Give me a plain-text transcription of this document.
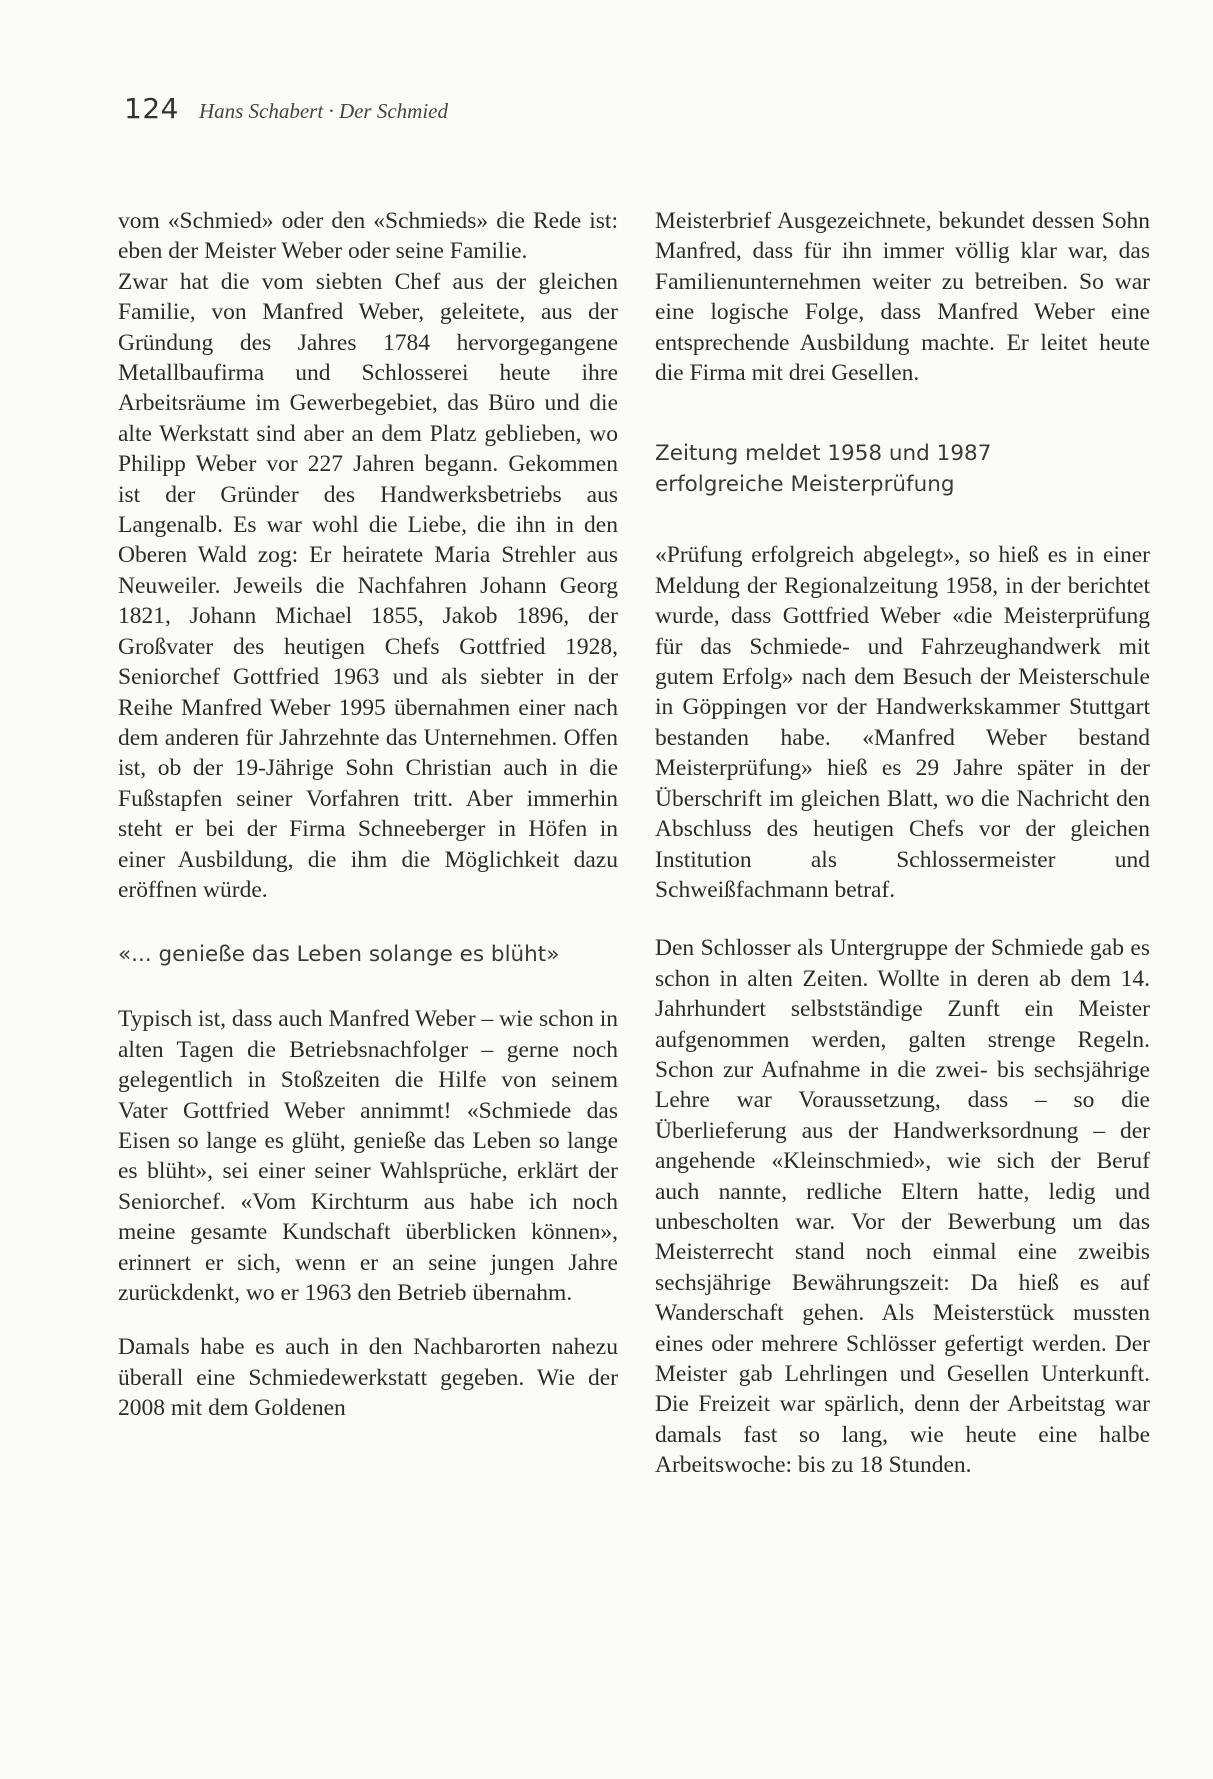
124 Hans Schabert · Der Schmied

vom «Schmied» oder den «Schmieds» die Rede ist: eben der Meister Weber oder seine Familie.

Zwar hat die vom siebten Chef aus der gleichen Familie, von Manfred Weber, geleitete, aus der Gründung des Jahres 1784 hervorgegangene Metallbaufirma und Schlosserei heute ihre Arbeitsräume im Gewerbegebiet, das Büro und die alte Werkstatt sind aber an dem Platz geblieben, wo Philipp Weber vor 227 Jahren begann. Gekommen ist der Gründer des Handwerksbetriebs aus Langenalb. Es war wohl die Liebe, die ihn in den Oberen Wald zog: Er heiratete Maria Strehler aus Neuweiler. Jeweils die Nachfahren Johann Georg 1821, Johann Michael 1855, Jakob 1896, der Großvater des heutigen Chefs Gottfried 1928, Seniorchef Gottfried 1963 und als siebter in der Reihe Manfred Weber 1995 übernahmen einer nach dem anderen für Jahrzehnte das Unternehmen. Offen ist, ob der 19-Jährige Sohn Christian auch in die Fußstapfen seiner Vorfahren tritt. Aber immerhin steht er bei der Firma Schneeberger in Höfen in einer Ausbildung, die ihm die Möglichkeit dazu eröffnen würde.

«... genieße das Leben solange es blüht»

Typisch ist, dass auch Manfred Weber – wie schon in alten Tagen die Betriebsnachfolger – gerne noch gelegentlich in Stoßzeiten die Hilfe von seinem Vater Gottfried Weber annimmt! «Schmiede das Eisen so lange es glüht, genieße das Leben so lange es blüht», sei einer seiner Wahlsprüche, erklärt der Seniorchef. «Vom Kirchturm aus habe ich noch meine gesamte Kundschaft überblicken können», erinnert er sich, wenn er an seine jungen Jahre zurückdenkt, wo er 1963 den Betrieb übernahm.

Damals habe es auch in den Nachbarorten nahezu überall eine Schmiedewerkstatt gegeben. Wie der 2008 mit dem Goldenen

Meisterbrief Ausgezeichnete, bekundet dessen Sohn Manfred, dass für ihn immer völlig klar war, das Familienunternehmen weiter zu betreiben. So war eine logische Folge, dass Manfred Weber eine entsprechende Ausbildung machte. Er leitet heute die Firma mit drei Gesellen.

Zeitung meldet 1958 und 1987
erfolgreiche Meisterprüfung

«Prüfung erfolgreich abgelegt», so hieß es in einer Meldung der Regionalzeitung 1958, in der berichtet wurde, dass Gottfried Weber «die Meisterprüfung für das Schmiede- und Fahrzeughandwerk mit gutem Erfolg» nach dem Besuch der Meisterschule in Göppingen vor der Handwerkskammer Stuttgart bestanden habe. «Manfred Weber bestand Meisterprüfung» hieß es 29 Jahre später in der Überschrift im gleichen Blatt, wo die Nachricht den Abschluss des heutigen Chefs vor der gleichen Institution als Schlossermeister und Schweißfachmann betraf.

Den Schlosser als Untergruppe der Schmiede gab es schon in alten Zeiten. Wollte in deren ab dem 14. Jahrhundert selbstständige Zunft ein Meister aufgenommen werden, galten strenge Regeln. Schon zur Aufnahme in die zwei- bis sechsjährige Lehre war Voraussetzung, dass – so die Überlieferung aus der Handwerksordnung – der angehende «Kleinschmied», wie sich der Beruf auch nannte, redliche Eltern hatte, ledig und unbescholten war. Vor der Bewerbung um das Meisterrecht stand noch einmal eine zweibis sechsjährige Bewährungszeit: Da hieß es auf Wanderschaft gehen. Als Meisterstück mussten eines oder mehrere Schlösser gefertigt werden. Der Meister gab Lehrlingen und Gesellen Unterkunft. Die Freizeit war spärlich, denn der Arbeitstag war damals fast so lang, wie heute eine halbe Arbeitswoche: bis zu 18 Stunden.
